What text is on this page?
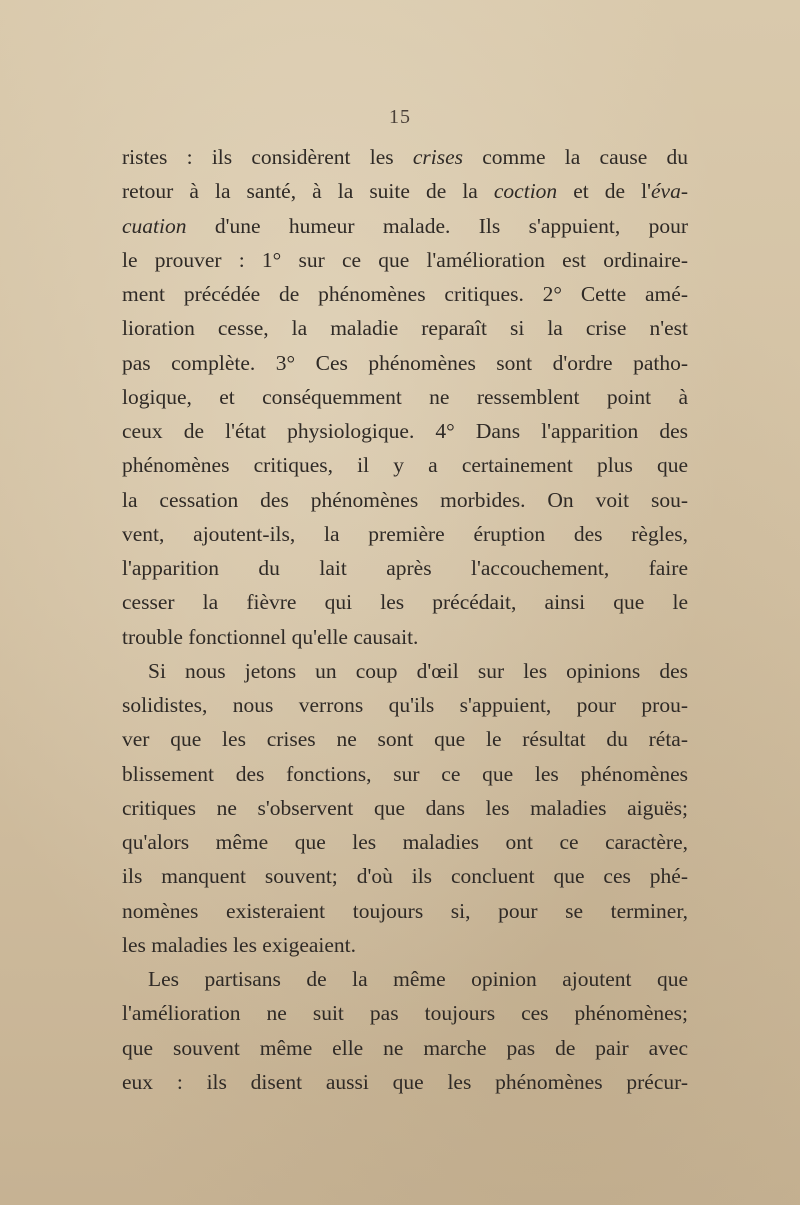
15
ristes : ils considèrent les crises comme la cause du
retour à la santé, à la suite de la coction et de l'éva-
cuation d'une humeur malade. Ils s'appuient, pour
le prouver : 1° sur ce que l'amélioration est ordinaire-
ment précédée de phénomènes critiques. 2° Cette amé-
lioration cesse, la maladie reparaît si la crise n'est
pas complète. 3° Ces phénomènes sont d'ordre patho-
logique, et conséquemment ne ressemblent point à
ceux de l'état physiologique. 4° Dans l'apparition des
phénomènes critiques, il y a certainement plus que
la cessation des phénomènes morbides. On voit sou-
vent, ajoutent-ils, la première éruption des règles,
l'apparition du lait après l'accouchement, faire
cesser la fièvre qui les précédait, ainsi que le
trouble fonctionnel qu'elle causait.
Si nous jetons un coup d'œil sur les opinions des
solidistes, nous verrons qu'ils s'appuient, pour prou-
ver que les crises ne sont que le résultat du réta-
blissement des fonctions, sur ce que les phénomènes
critiques ne s'observent que dans les maladies aiguës;
qu'alors même que les maladies ont ce caractère,
ils manquent souvent; d'où ils concluent que ces phé-
nomènes existeraient toujours si, pour se terminer,
les maladies les exigeaient.
Les partisans de la même opinion ajoutent que
l'amélioration ne suit pas toujours ces phénomènes;
que souvent même elle ne marche pas de pair avec
eux : ils disent aussi que les phénomènes précur-
